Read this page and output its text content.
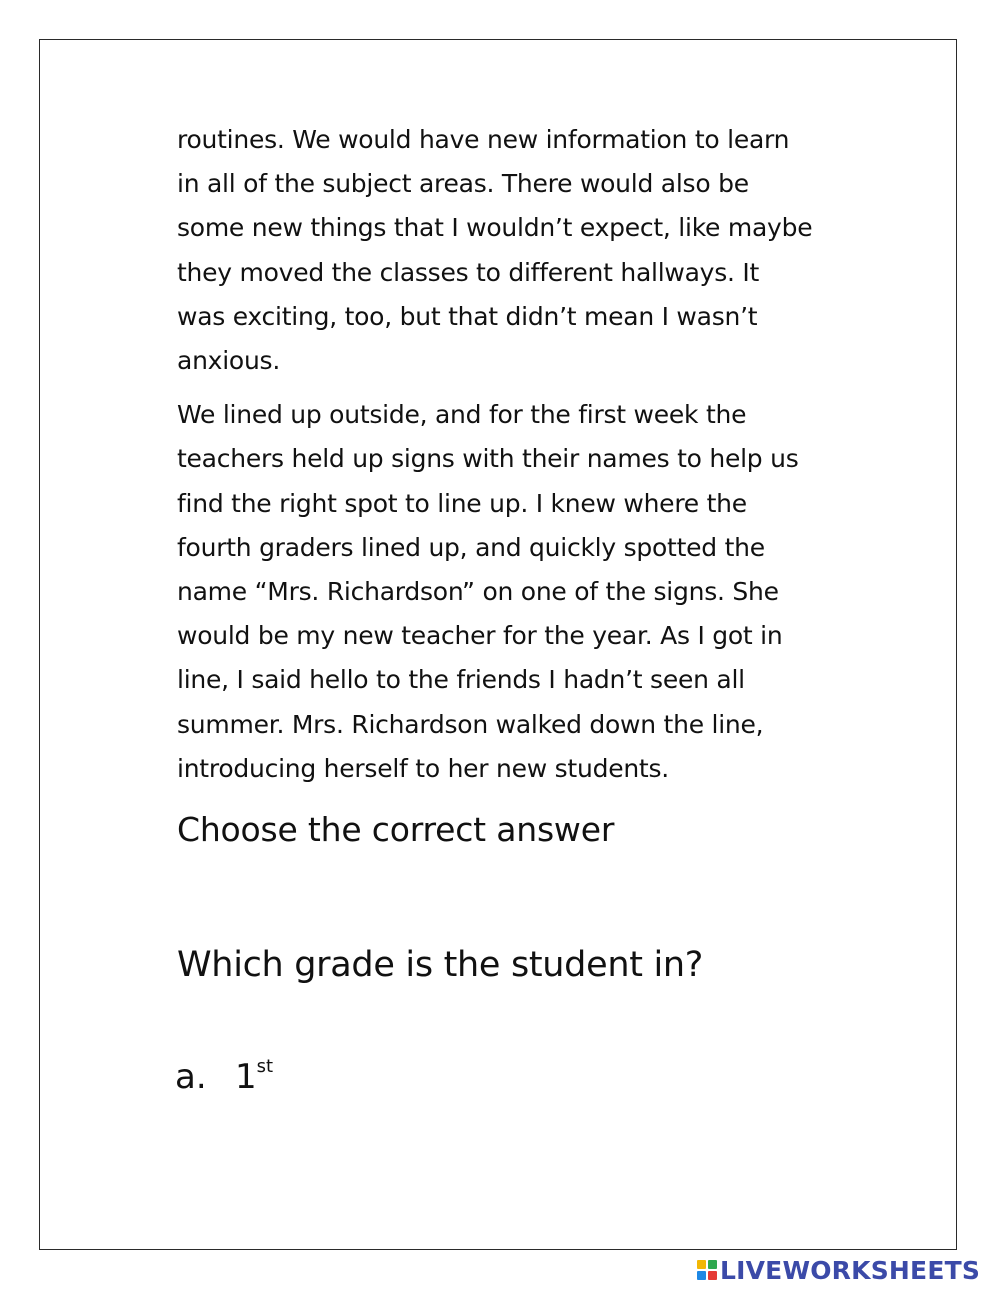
routines. We would have new information to learn
in all of the subject areas. There would also be
some new things that I wouldn’t expect, like maybe
they moved the classes to different hallways. It
was exciting, too, but that didn’t mean I wasn’t
anxious.

We lined up outside, and for the first week the
teachers held up signs with their names to help us
find the right spot to line up. I knew where the
fourth graders lined up, and quickly spotted the
name “Mrs. Richardson” on one of the signs. She
would be my new teacher for the year. As I got in
line, I said hello to the friends I hadn’t seen all
summer. Mrs. Richardson walked down the line,
introducing herself to her new students.

Choose the correct answer
Which grade is the student in?
a. 1st
LIVEWORKSHEETS
